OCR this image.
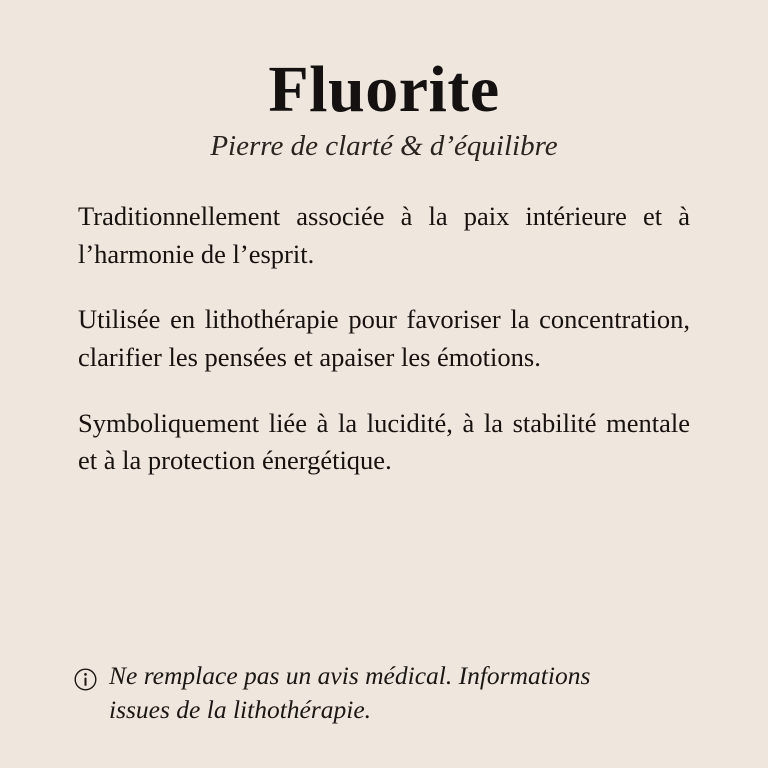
Fluorite

Pierre de clarté & d’équilibre

Traditionnellement associée à la paix intérieure et à l’harmonie de l’esprit.

Utilisée en lithothérapie pour favoriser la concentration, clarifier les pensées et apaiser les émotions.

Symboliquement liée à la lucidité, à la stabilité mentale et à la protection énergétique.

Ne remplace pas un avis médical. Informations issues de la lithothérapie.
